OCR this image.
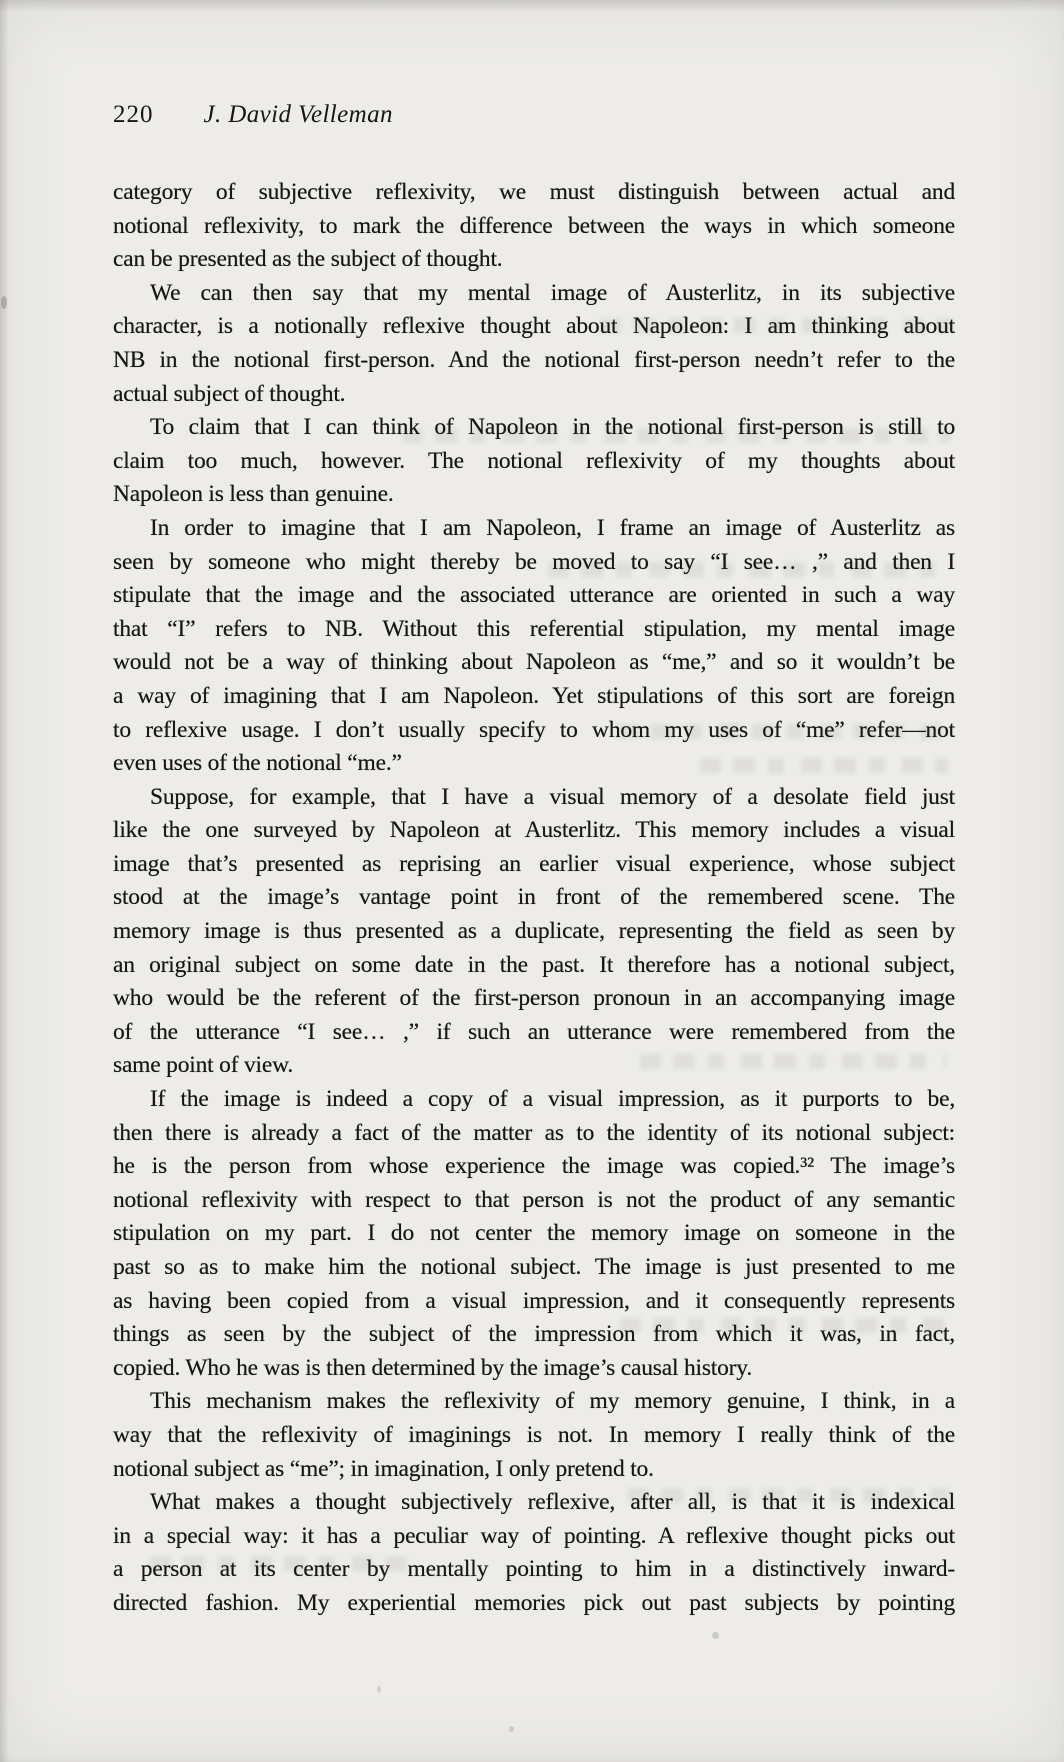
220 J. David Velleman
category of subjective reflexivity, we must distinguish between actual and
notional reflexivity, to mark the difference between the ways in which someone
can be presented as the subject of thought.
We can then say that my mental image of Austerlitz, in its subjective
character, is a notionally reflexive thought about Napoleon: I am thinking about
NB in the notional first-person. And the notional first-person needn’t refer to the
actual subject of thought.
To claim that I can think of Napoleon in the notional first-person is still to
claim too much, however. The notional reflexivity of my thoughts about
Napoleon is less than genuine.
In order to imagine that I am Napoleon, I frame an image of Austerlitz as
seen by someone who might thereby be moved to say “I see… ,” and then I
stipulate that the image and the associated utterance are oriented in such a way
that “I” refers to NB. Without this referential stipulation, my mental image
would not be a way of thinking about Napoleon as “me,” and so it wouldn’t be
a way of imagining that I am Napoleon. Yet stipulations of this sort are foreign
to reflexive usage. I don’t usually specify to whom my uses of “me” refer—not
even uses of the notional “me.”
Suppose, for example, that I have a visual memory of a desolate field just
like the one surveyed by Napoleon at Austerlitz. This memory includes a visual
image that’s presented as reprising an earlier visual experience, whose subject
stood at the image’s vantage point in front of the remembered scene. The
memory image is thus presented as a duplicate, representing the field as seen by
an original subject on some date in the past. It therefore has a notional subject,
who would be the referent of the first-person pronoun in an accompanying image
of the utterance “I see… ,” if such an utterance were remembered from the
same point of view.
If the image is indeed a copy of a visual impression, as it purports to be,
then there is already a fact of the matter as to the identity of its notional subject:
he is the person from whose experience the image was copied.³² The image’s
notional reflexivity with respect to that person is not the product of any semantic
stipulation on my part. I do not center the memory image on someone in the
past so as to make him the notional subject. The image is just presented to me
as having been copied from a visual impression, and it consequently represents
things as seen by the subject of the impression from which it was, in fact,
copied. Who he was is then determined by the image’s causal history.
This mechanism makes the reflexivity of my memory genuine, I think, in a
way that the reflexivity of imaginings is not. In memory I really think of the
notional subject as “me”; in imagination, I only pretend to.
What makes a thought subjectively reflexive, after all, is that it is indexical
in a special way: it has a peculiar way of pointing. A reflexive thought picks out
a person at its center by mentally pointing to him in a distinctively inward-
directed fashion. My experiential memories pick out past subjects by pointing
